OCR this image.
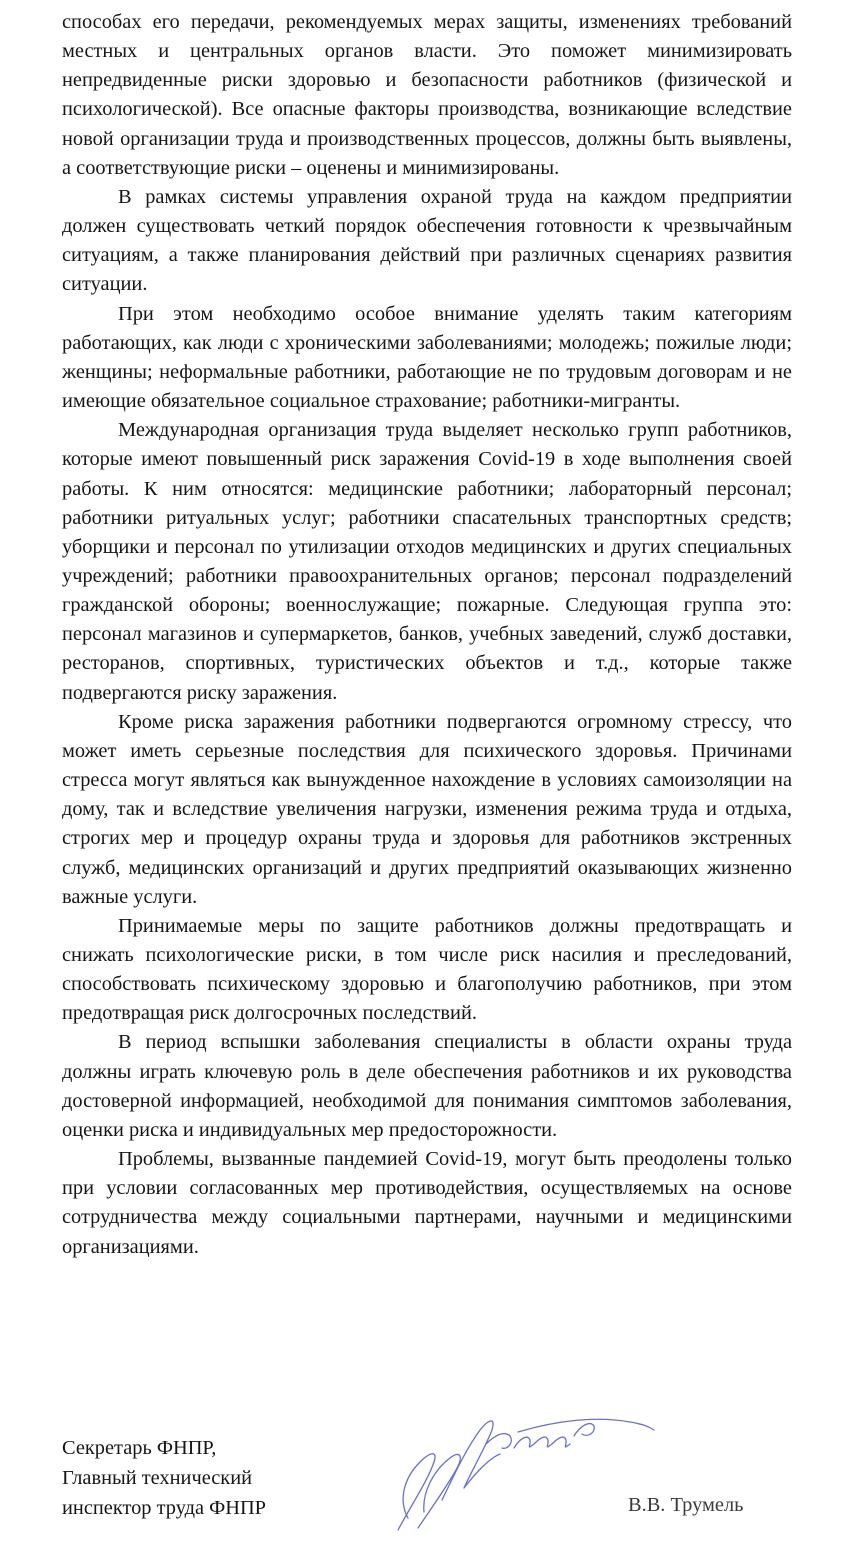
способах его передачи, рекомендуемых мерах защиты, изменениях требований местных и центральных органов власти. Это поможет минимизировать непредвиденные риски здоровью и безопасности работников (физической и психологической). Все опасные факторы производства, возникающие вследствие новой организации труда и производственных процессов, должны быть выявлены, а соответствующие риски – оценены и минимизированы.

В рамках системы управления охраной труда на каждом предприятии должен существовать четкий порядок обеспечения готовности к чрезвычайным ситуациям, а также планирования действий при различных сценариях развития ситуации.

При этом необходимо особое внимание уделять таким категориям работающих, как люди с хроническими заболеваниями; молодежь; пожилые люди; женщины; неформальные работники, работающие не по трудовым договорам и не имеющие обязательное социальное страхование; работники-мигранты.

Международная организация труда выделяет несколько групп работников, которые имеют повышенный риск заражения Covid-19 в ходе выполнения своей работы. К ним относятся: медицинские работники; лабораторный персонал; работники ритуальных услуг; работники спасательных транспортных средств; уборщики и персонал по утилизации отходов медицинских и других специальных учреждений; работники правоохранительных органов; персонал подразделений гражданской обороны; военнослужащие; пожарные. Следующая группа это: персонал магазинов и супермаркетов, банков, учебных заведений, служб доставки, ресторанов, спортивных, туристических объектов и т.д., которые также подвергаются риску заражения.

Кроме риска заражения работники подвергаются огромному стрессу, что может иметь серьезные последствия для психического здоровья. Причинами стресса могут являться как вынужденное нахождение в условиях самоизоляции на дому, так и вследствие увеличения нагрузки, изменения режима труда и отдыха, строгих мер и процедур охраны труда и здоровья для работников экстренных служб, медицинских организаций и других предприятий оказывающих жизненно важные услуги.

Принимаемые меры по защите работников должны предотвращать и снижать психологические риски, в том числе риск насилия и преследований, способствовать психическому здоровью и благополучию работников, при этом предотвращая риск долгосрочных последствий.

В период вспышки заболевания специалисты в области охраны труда должны играть ключевую роль в деле обеспечения работников и их руководства достоверной информацией, необходимой для понимания симптомов заболевания, оценки риска и индивидуальных мер предосторожности.

Проблемы, вызванные пандемией Covid-19, могут быть преодолены только при условии согласованных мер противодействия, осуществляемых на основе сотрудничества между социальными партнерами, научными и медицинскими организациями.

Секретарь ФНПР,
Главный технический
инспектор труда ФНПР	В.В. Трумель
